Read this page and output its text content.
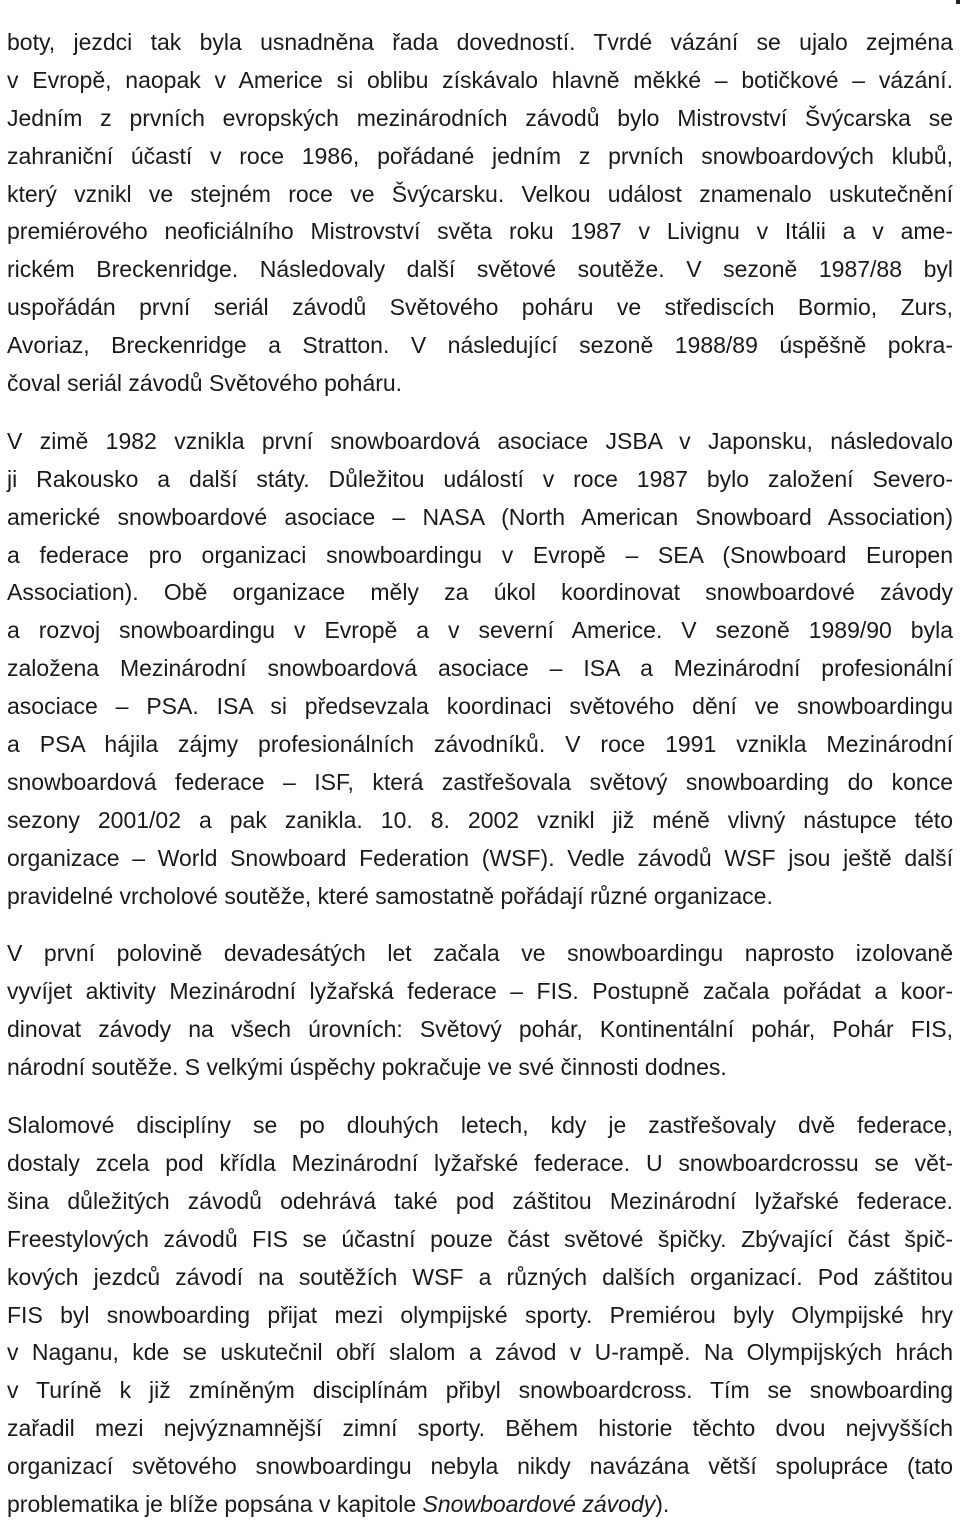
boty, jezdci tak byla usnadněna řada dovedností. Tvrdé vázání se ujalo zejména
v Evropě, naopak v Americe si oblibu získávalo hlavně měkké – botičkové – vázání.
Jedním z prvních evropských mezinárodních závodů bylo Mistrovství Švýcarska se
zahraniční účastí v roce 1986, pořádané jedním z prvních snowboardových klubů,
který vznikl ve stejném roce ve Švýcarsku. Velkou událost znamenalo uskutečnění
premiérového neoficiálního Mistrovství světa roku 1987 v Livignu v Itálii a v ame-
rickém Breckenridge. Následovaly další světové soutěže. V sezoně 1987/88 byl
uspořádán první seriál závodů Světového poháru ve střediscích Bormio, Zurs,
Avoriaz, Breckenridge a Stratton. V následující sezoně 1988/89 úspěšně pokra-
čoval seriál závodů Světového poháru.
V zimě 1982 vznikla první snowboardová asociace JSBA v Japonsku, následovalo
ji Rakousko a další státy. Důležitou událostí v roce 1987 bylo založení Severo-
americké snowboardové asociace – NASA (North American Snowboard Association)
a federace pro organizaci snowboardingu v Evropě – SEA (Snowboard Europen
Association). Obě organizace měly za úkol koordinovat snowboardové závody
a rozvoj snowboardingu v Evropě a v severní Americe. V sezoně 1989/90 byla
založena Mezinárodní snowboardová asociace – ISA a Mezinárodní profesionální
asociace – PSA. ISA si předsevzala koordinaci světového dění ve snowboardingu
a PSA hájila zájmy profesionálních závodníků. V roce 1991 vznikla Mezinárodní
snowboardová federace – ISF, která zastřešovala světový snowboarding do konce
sezony 2001/02 a pak zanikla. 10. 8. 2002 vznikl již méně vlivný nástupce této
organizace – World Snowboard Federation (WSF). Vedle závodů WSF jsou ještě další
pravidelné vrcholové soutěže, které samostatně pořádají různé organizace.
V první polovině devadesátých let začala ve snowboardingu naprosto izolovaně
vyvíjet aktivity Mezinárodní lyžařská federace – FIS. Postupně začala pořádat a koor-
dinovat závody na všech úrovních: Světový pohár, Kontinentální pohár, Pohár FIS,
národní soutěže. S velkými úspěchy pokračuje ve své činnosti dodnes.
Slalomové disciplíny se po dlouhých letech, kdy je zastřešovaly dvě federace,
dostaly zcela pod křídla Mezinárodní lyžařské federace. U snowboardcrossu se vět-
šina důležitých závodů odehrává také pod záštitou Mezinárodní lyžařské federace.
Freestylových závodů FIS se účastní pouze část světové špičky. Zbývající část špič-
kových jezdců závodí na soutěžích WSF a různých dalších organizací. Pod záštitou
FIS byl snowboarding přijat mezi olympijské sporty. Premiérou byly Olympijské hry
v Naganu, kde se uskutečnil obří slalom a závod v U-rampě. Na Olympijských hrách
v Turíně k již zmíněným disciplínám přibyl snowboardcross. Tím se snowboarding
zařadil mezi nejvýznamnější zimní sporty. Během historie těchto dvou nejvyšších
organizací světového snowboardingu nebyla nikdy navázána větší spolupráce (tato
problematika je blíže popsána v kapitole Snowboardové závody).
